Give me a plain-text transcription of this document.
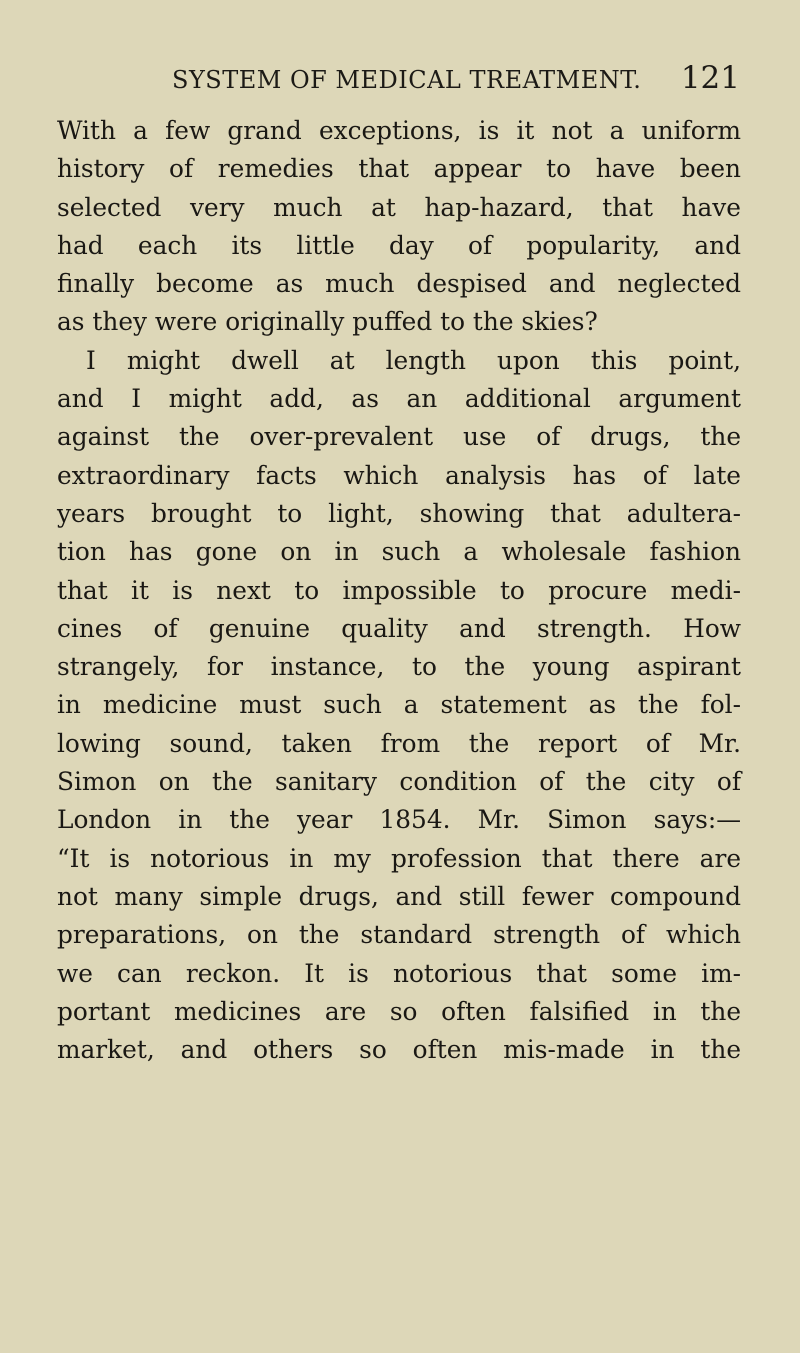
SYSTEM OF MEDICAL TREATMENT. 121
With a few grand exceptions, is it not a uniform
history of remedies that appear to have been
selected very much at hap-hazard, that have
had each its little day of popularity, and
finally become as much despised and neglected
as they were originally puffed to the skies?
I might dwell at length upon this point,
and I might add, as an additional argument
against the over-prevalent use of drugs, the
extraordinary facts which analysis has of late
years brought to light, showing that adultera-
tion has gone on in such a wholesale fashion
that it is next to impossible to procure medi-
cines of genuine quality and strength. How
strangely, for instance, to the young aspirant
in medicine must such a statement as the fol-
lowing sound, taken from the report of Mr.
Simon on the sanitary condition of the city of
London in the year 1854. Mr. Simon says:—
“It is notorious in my profession that there are
not many simple drugs, and still fewer compound
preparations, on the standard strength of which
we can reckon. It is notorious that some im-
portant medicines are so often falsified in the
market, and others so often mis-made in the
